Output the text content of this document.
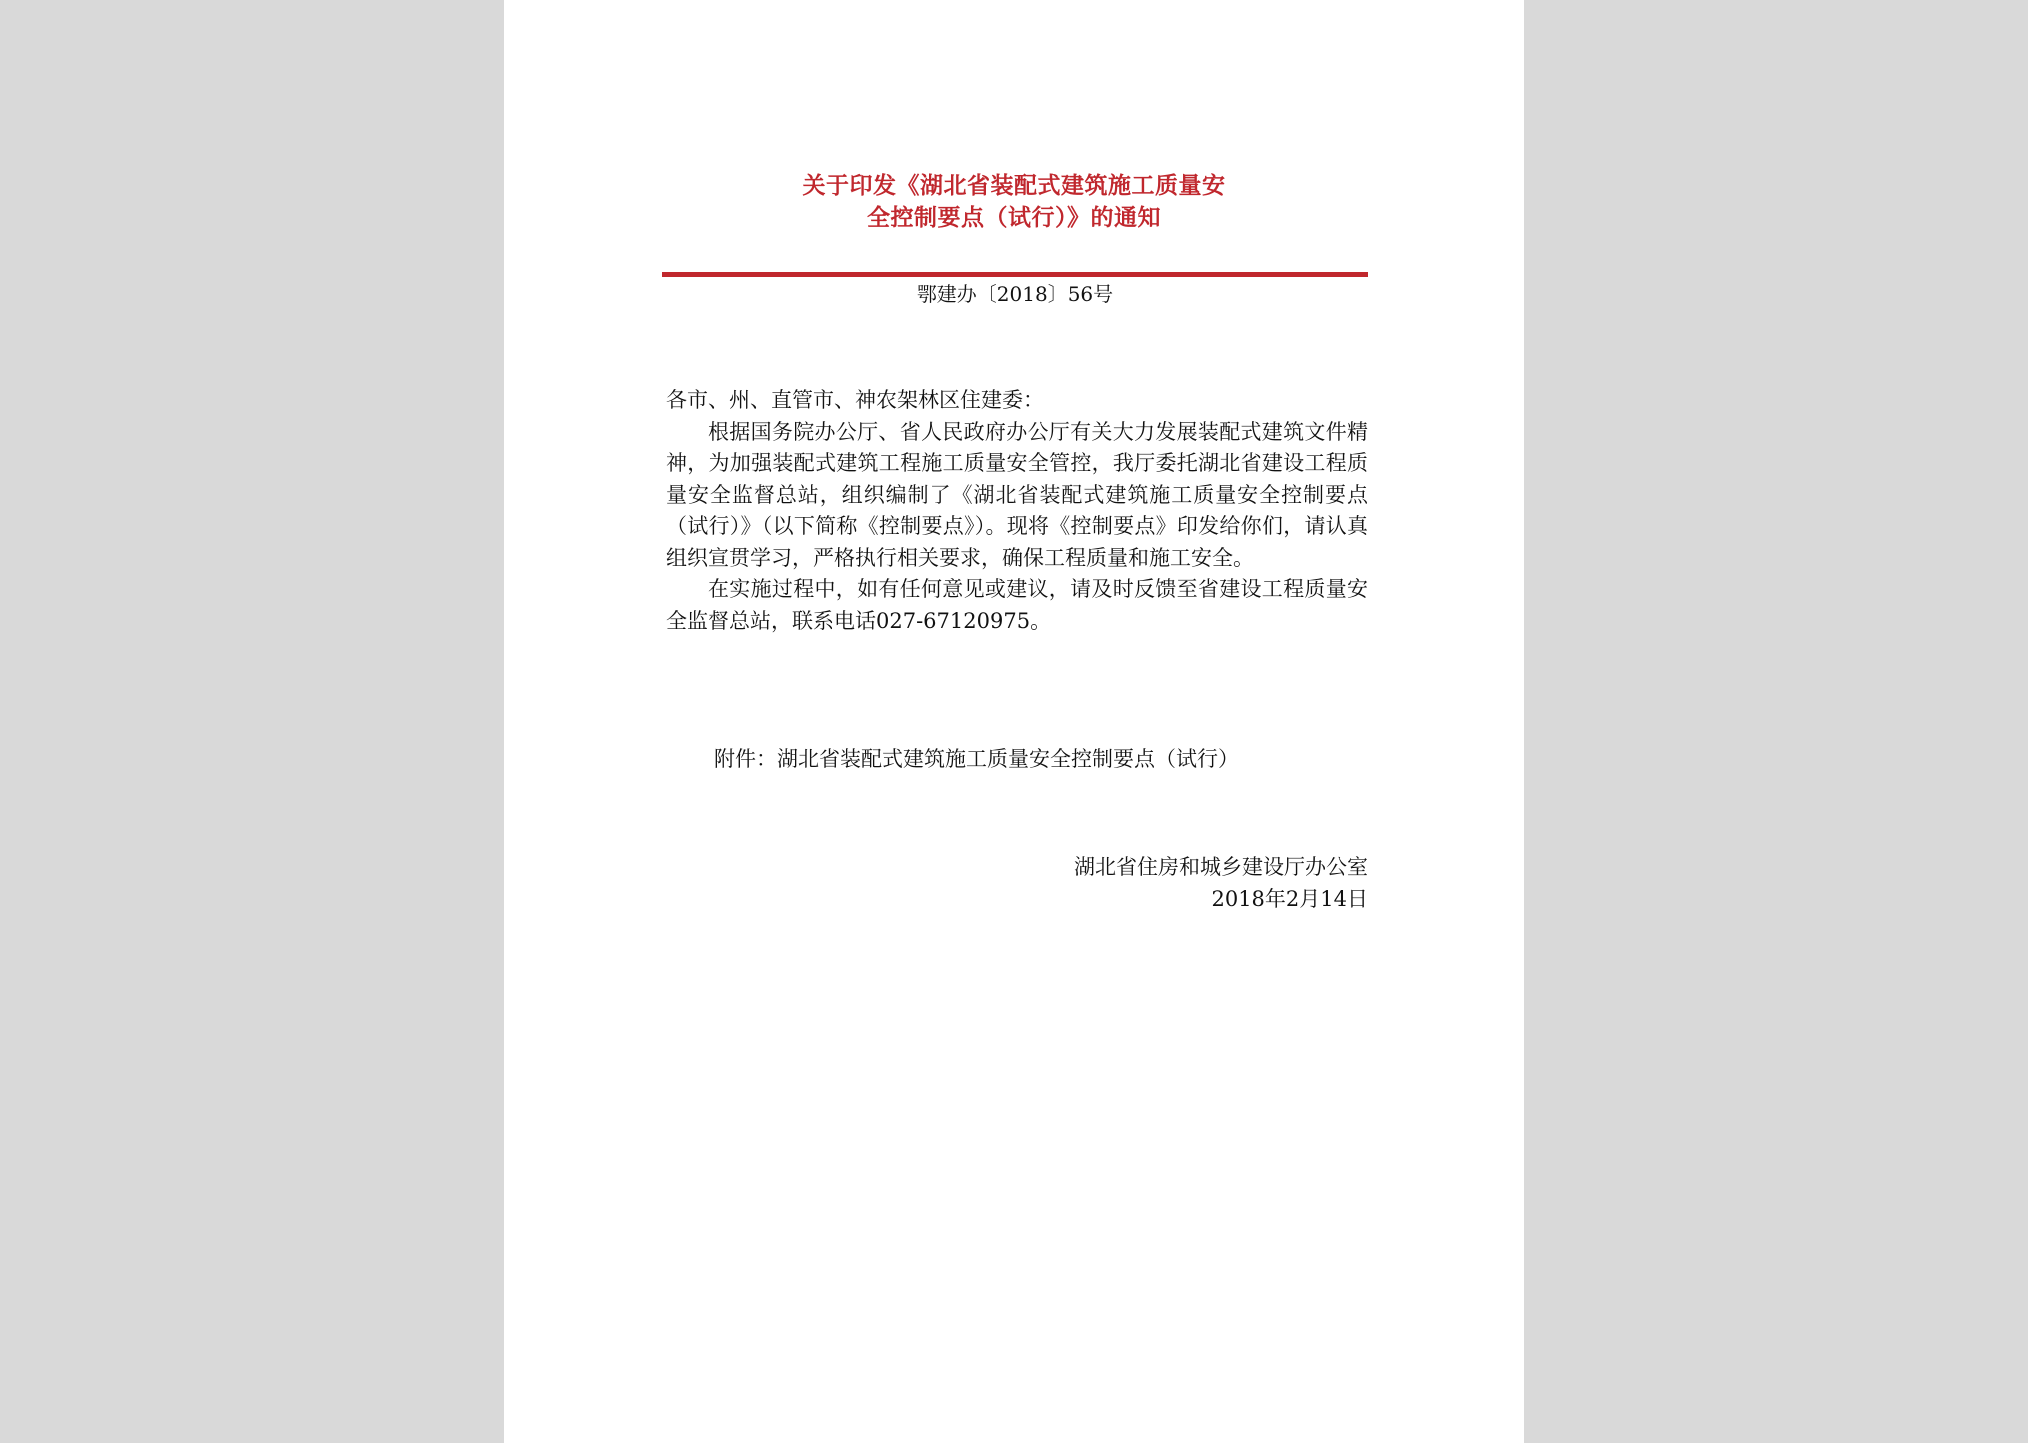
关于印发《湖北省装配式建筑施工质量安
全控制要点（试行）》的通知
鄂建办〔2018〕56号

各市、州、直管市、神农架林区住建委：

根据国务院办公厅、省人民政府办公厅有关大力发展装配式建筑文件精神，为加强装配式建筑工程施工质量安全管控，我厅委托湖北省建设工程质量安全监督总站，组织编制了《湖北省装配式建筑施工质量安全控制要点（试行）》（以下简称《控制要点》）。现将《控制要点》印发给你们，请认真组织宣贯学习，严格执行相关要求，确保工程质量和施工安全。

在实施过程中，如有任何意见或建议，请及时反馈至省建设工程质量安全监督总站，联系电话027-67120975。

附件：湖北省装配式建筑施工质量安全控制要点（试行）
湖北省住房和城乡建设厅办公室
2018年2月14日
